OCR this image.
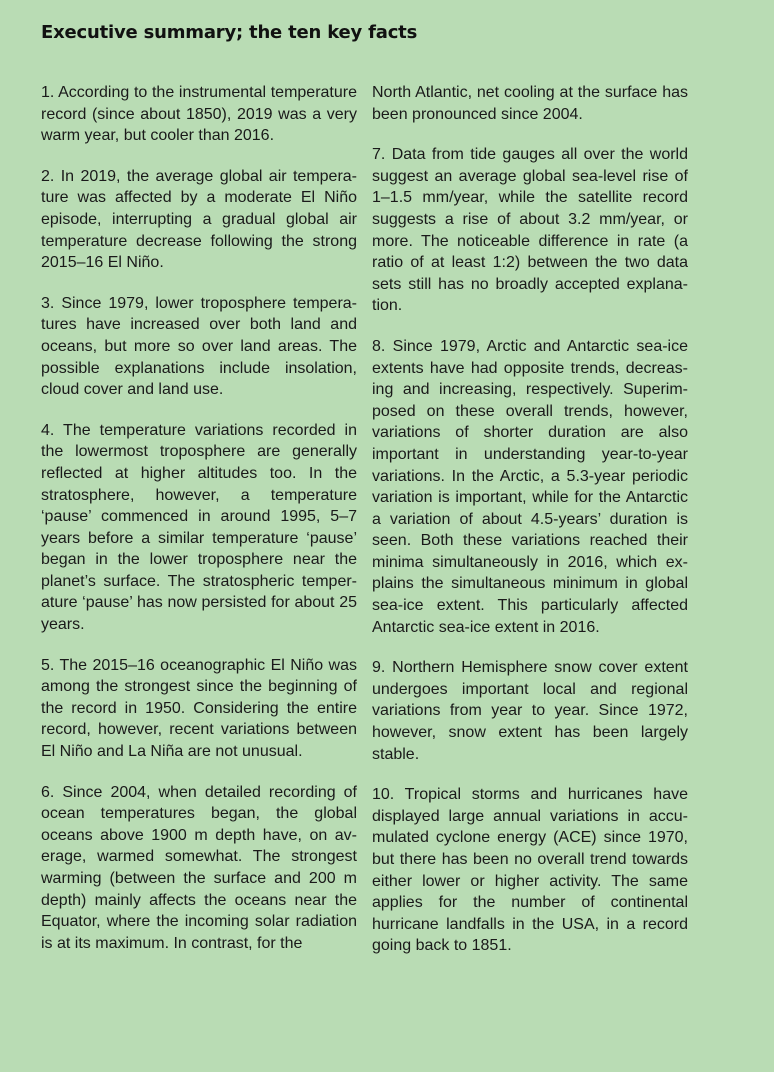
Executive summary; the ten key facts

1. According to the instrumental temperature record (since about 1850), 2019 was a very warm year, but cooler than 2016.

2. In 2019, the average global air temperature was affected by a moderate El Niño episode, interrupting a gradual global air temperature decrease following the strong 2015–16 El Niño.

3. Since 1979, lower troposphere temperatures have increased over both land and oceans, but more so over land areas. The possible explanations include insolation, cloud cover and land use.

4. The temperature variations recorded in the lowermost troposphere are generally reflected at higher altitudes too. In the stratosphere, however, a temperature ‘pause’ commenced in around 1995, 5–7 years before a similar temperature ‘pause’ began in the lower troposphere near the planet’s surface. The stratospheric temperature ‘pause’ has now persisted for about 25 years.

5. The 2015–16 oceanographic El Niño was among the strongest since the beginning of the record in 1950. Considering the entire record, however, recent variations between El Niño and La Niña are not unusual.

6. Since 2004, when detailed recording of ocean temperatures began, the global oceans above 1900 m depth have, on average, warmed somewhat. The strongest warming (between the surface and 200 m depth) mainly affects the oceans near the Equator, where the incoming solar radiation is at its maximum. In contrast, for the

North Atlantic, net cooling at the surface has been pronounced since 2004.

7. Data from tide gauges all over the world suggest an average global sea-level rise of 1–1.5 mm/year, while the satellite record suggests a rise of about 3.2 mm/year, or more. The noticeable difference in rate (a ratio of at least 1:2) between the two data sets still has no broadly accepted explanation.

8. Since 1979, Arctic and Antarctic sea-ice extents have had opposite trends, decreasing and increasing, respectively. Superimposed on these overall trends, however, variations of shorter duration are also important in understanding year-to-year variations. In the Arctic, a 5.3-year periodic variation is important, while for the Antarctic a variation of about 4.5-years’ duration is seen. Both these variations reached their minima simultaneously in 2016, which explains the simultaneous minimum in global sea-ice extent. This particularly affected Antarctic sea-ice extent in 2016.

9. Northern Hemisphere snow cover extent undergoes important local and regional variations from year to year. Since 1972, however, snow extent has been largely stable.

10. Tropical storms and hurricanes have displayed large annual variations in accumulated cyclone energy (ACE) since 1970, but there has been no overall trend towards either lower or higher activity. The same applies for the number of continental hurricane landfalls in the USA, in a record going back to 1851.
